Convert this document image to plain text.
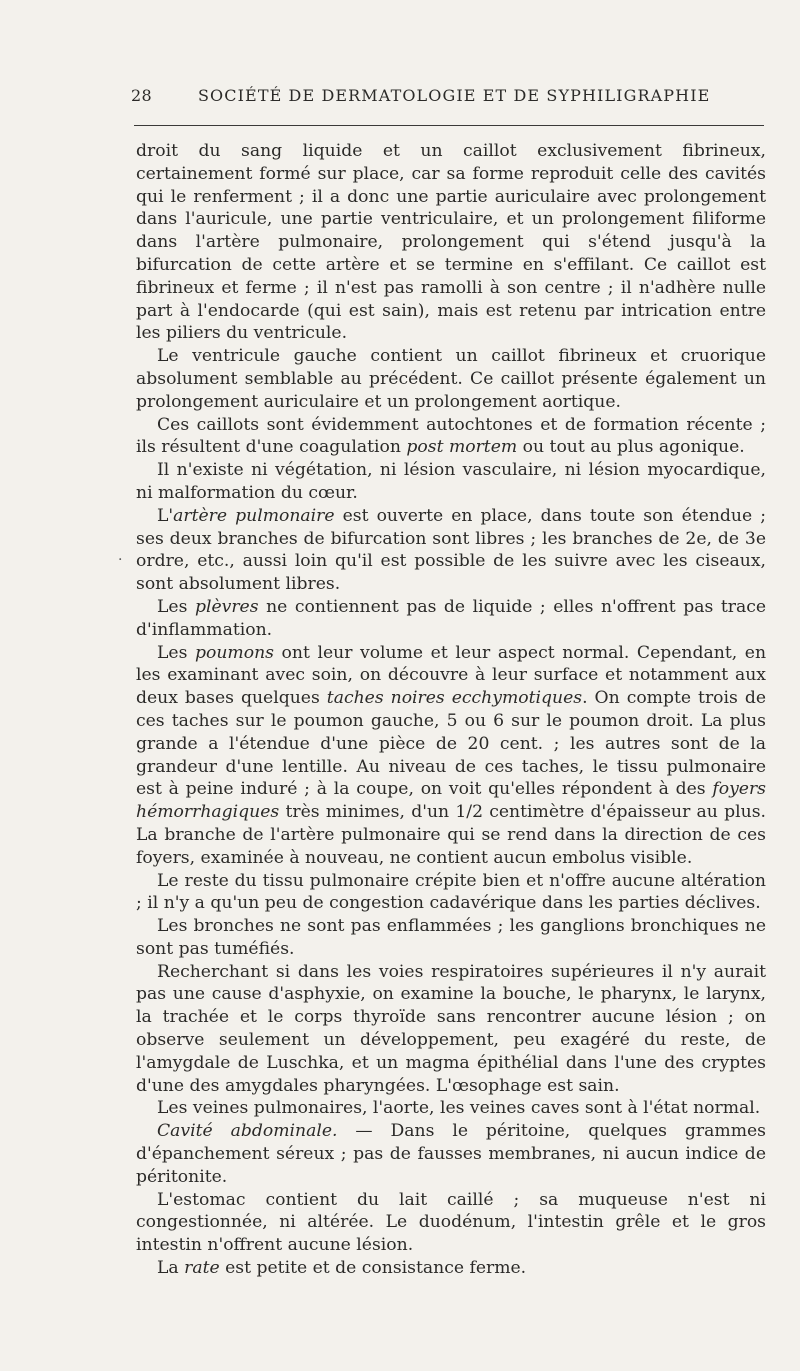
28	SOCIÉTÉ DE DERMATOLOGIE ET DE SYPHILIGRAPHIE
.

droit du sang liquide et un caillot exclusivement fibrineux, certainement formé sur place, car sa forme reproduit celle des cavités qui le renferment ; il a donc une partie auriculaire avec prolongement dans l'auricule, une partie ventriculaire, et un prolongement filiforme dans l'artère pulmonaire, prolongement qui s'étend jusqu'à la bifurcation de cette artère et se termine en s'effilant. Ce caillot est fibrineux et ferme ; il n'est pas ramolli à son centre ; il n'adhère nulle part à l'endocarde (qui est sain), mais est retenu par intrication entre les piliers du ventricule.

Le ventricule gauche contient un caillot fibrineux et cruorique absolument semblable au précédent. Ce caillot présente également un prolongement auriculaire et un prolongement aortique.

Ces caillots sont évidemment autochtones et de formation récente ; ils résultent d'une coagulation post mortem ou tout au plus agonique.

Il n'existe ni végétation, ni lésion vasculaire, ni lésion myocardique, ni malformation du cœur.

L'artère pulmonaire est ouverte en place, dans toute son étendue ; ses deux branches de bifurcation sont libres ; les branches de 2e, de 3e ordre, etc., aussi loin qu'il est possible de les suivre avec les ciseaux, sont absolument libres.

Les plèvres ne contiennent pas de liquide ; elles n'offrent pas trace d'inflammation.

Les poumons ont leur volume et leur aspect normal. Cependant, en les examinant avec soin, on découvre à leur surface et notamment aux deux bases quelques taches noires ecchymotiques. On compte trois de ces taches sur le poumon gauche, 5 ou 6 sur le poumon droit. La plus grande a l'étendue d'une pièce de 20 cent. ; les autres sont de la grandeur d'une lentille. Au niveau de ces taches, le tissu pulmonaire est à peine induré ; à la coupe, on voit qu'elles répondent à des foyers hémorrhagiques très minimes, d'un 1/2 centimètre d'épaisseur au plus. La branche de l'artère pulmonaire qui se rend dans la direction de ces foyers, examinée à nouveau, ne contient aucun embolus visible.

Le reste du tissu pulmonaire crépite bien et n'offre aucune altération ; il n'y a qu'un peu de congestion cadavérique dans les parties déclives.

Les bronches ne sont pas enflammées ; les ganglions bronchiques ne sont pas tuméfiés.

Recherchant si dans les voies respiratoires supérieures il n'y aurait pas une cause d'asphyxie, on examine la bouche, le pharynx, le larynx, la trachée et le corps thyroïde sans rencontrer aucune lésion ; on observe seulement un développement, peu exagéré du reste, de l'amygdale de Luschka, et un magma épithélial dans l'une des cryptes d'une des amygdales pharyngées. L'œsophage est sain.

Les veines pulmonaires, l'aorte, les veines caves sont à l'état normal.

Cavité abdominale. — Dans le péritoine, quelques grammes d'épanchement séreux ; pas de fausses membranes, ni aucun indice de péritonite.

L'estomac contient du lait caillé ; sa muqueuse n'est ni congestionnée, ni altérée. Le duodénum, l'intestin grêle et le gros intestin n'offrent aucune lésion.

La rate est petite et de consistance ferme.
